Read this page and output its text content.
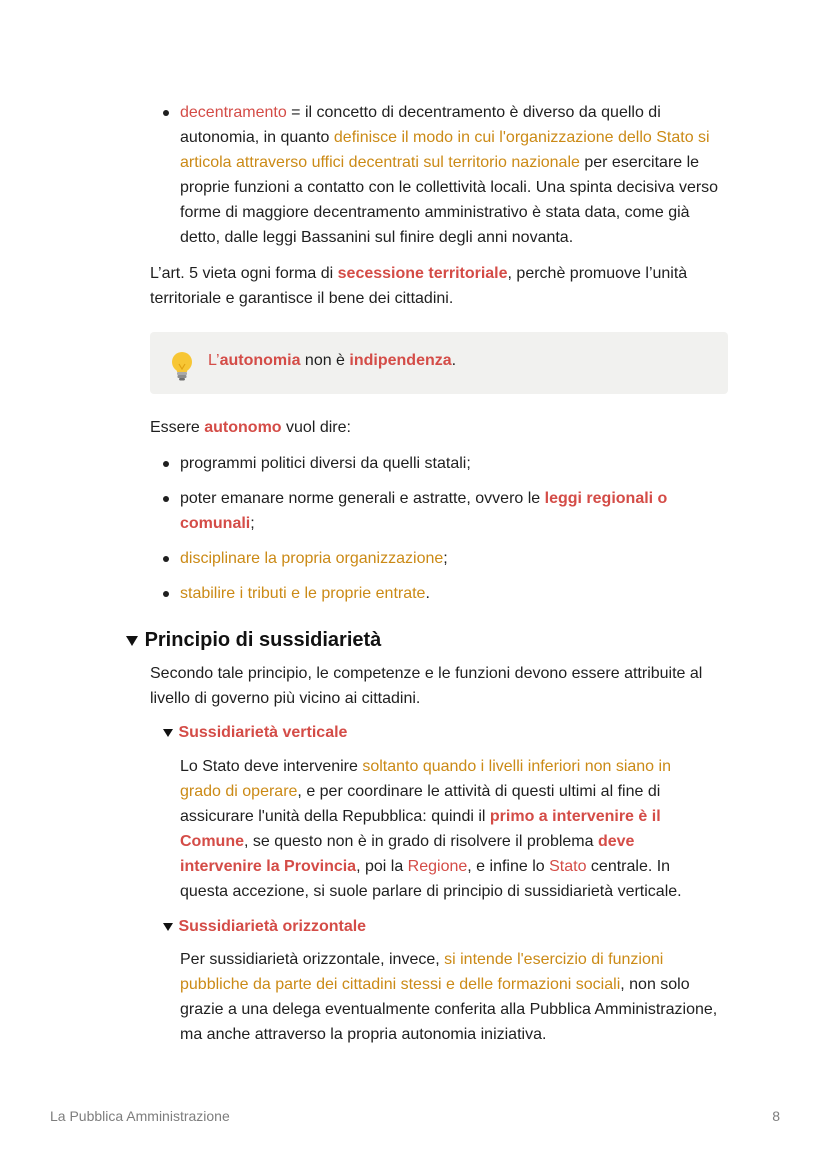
decentramento = il concetto di decentramento è diverso da quello di autonomia, in quanto definisce il modo in cui l'organizzazione dello Stato si articola attraverso uffici decentrati sul territorio nazionale per esercitare le proprie funzioni a contatto con le collettività locali. Una spinta decisiva verso forme di maggiore decentramento amministrativo è stata data, come già detto, dalle leggi Bassanini sul finire degli anni novanta.

L’art. 5 vieta ogni forma di secessione territoriale, perchè promuove l’unità territoriale e garantisce il bene dei cittadini.

L’autonomia non è indipendenza.

Essere autonomo vuol dire:

programmi politici diversi da quelli statali;
poter emanare norme generali e astratte, ovvero le leggi regionali o comunali;
disciplinare la propria organizzazione;
stabilire i tributi e le proprie entrate.
Principio di sussidiarietà

Secondo tale principio, le competenze e le funzioni devono essere attribuite al livello di governo più vicino ai cittadini.

Sussidiarietà verticale

Lo Stato deve intervenire soltanto quando i livelli inferiori non siano in grado di operare, e per coordinare le attività di questi ultimi al fine di assicurare l'unità della Repubblica: quindi il primo a intervenire è il Comune, se questo non è in grado di risolvere il problema deve intervenire la Provincia, poi la Regione, e infine lo Stato centrale. In questa accezione, si suole parlare di principio di sussidiarietà verticale.

Sussidiarietà orizzontale

Per sussidiarietà orizzontale, invece, si intende l'esercizio di funzioni pubbliche da parte dei cittadini stessi e delle formazioni sociali, non solo grazie a una delega eventualmente conferita alla Pubblica Amministrazione, ma anche attraverso la propria autonomia iniziativa.

La Pubblica Amministrazione	8
